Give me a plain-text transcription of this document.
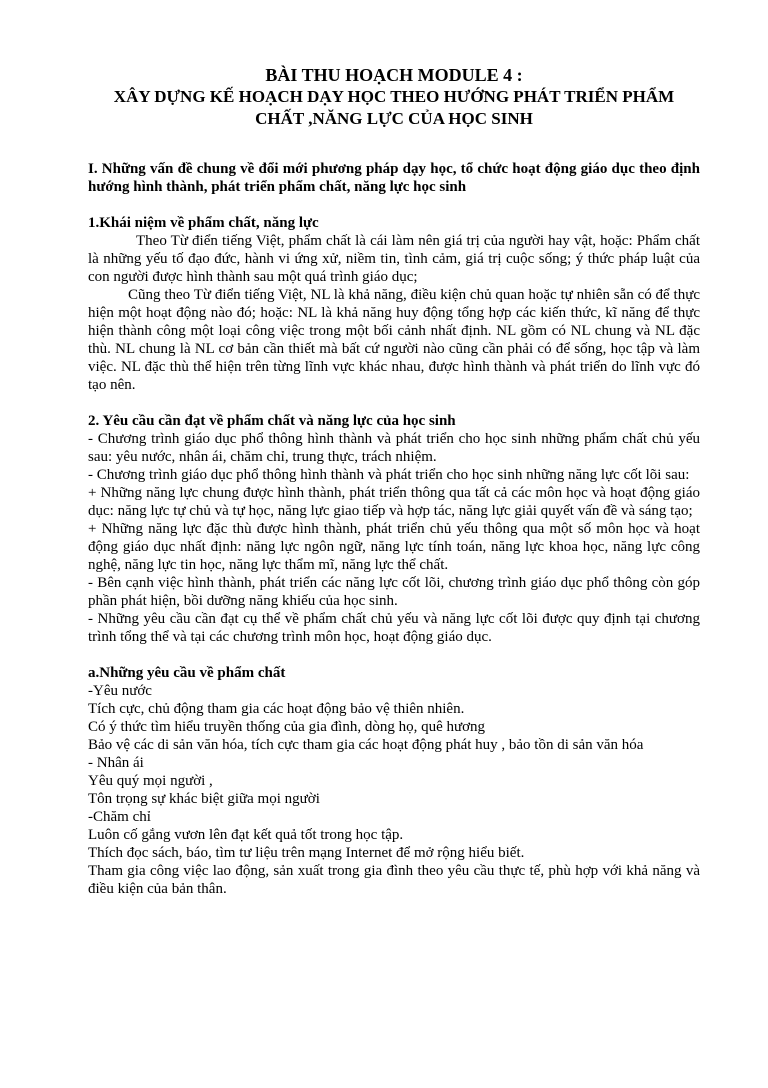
BÀI THU HOẠCH MODULE 4 :
XÂY DỰNG KẾ HOẠCH DẠY HỌC THEO HƯỚNG PHÁT TRIỂN PHẨM
CHẤT ,NĂNG LỰC CỦA HỌC SINH

I. Những vấn đề chung về đổi mới phương pháp dạy học, tổ chức hoạt động giáo dục theo định hướng hình thành, phát triển phẩm chất, năng lực học sinh

1.Khái niệm về phẩm chất, năng lực

Theo Từ điển tiếng Việt, phẩm chất là cái làm nên giá trị của người hay vật, hoặc: Phẩm chất là những yếu tố đạo đức, hành vi ứng xử, niềm tin, tình cảm, giá trị cuộc sống; ý thức pháp luật của con người được hình thành sau một quá trình giáo dục;

Cũng theo Từ điển tiếng Việt, NL là khả năng, điều kiện chủ quan hoặc tự nhiên sẵn có để thực hiện một hoạt động nào đó; hoặc: NL là khả năng huy động tổng hợp các kiến thức, kĩ năng để thực hiện thành công một loại công việc trong một bối cảnh nhất định. NL gồm có NL chung và NL đặc thù. NL chung là NL cơ bản cần thiết mà bất cứ người nào cũng cần phải có để sống, học tập và làm việc. NL đặc thù thể hiện trên từng lĩnh vực khác nhau, được hình thành và phát triển do lĩnh vực đó tạo nên.

2. Yêu cầu cần đạt về phẩm chất và năng lực của học sinh

- Chương trình giáo dục phổ thông hình thành và phát triển cho học sinh những phẩm chất chủ yếu sau: yêu nước, nhân ái, chăm chỉ, trung thực, trách nhiệm.

- Chương trình giáo dục phổ thông hình thành và phát triển cho học sinh những năng lực cốt lõi sau:

+ Những năng lực chung được hình thành, phát triển thông qua tất cả các môn học và hoạt động giáo dục: năng lực tự chủ và tự học, năng lực giao tiếp và hợp tác, năng lực giải quyết vấn đề và sáng tạo;

+ Những năng lực đặc thù được hình thành, phát triển chủ yếu thông qua một số môn học và hoạt động giáo dục nhất định: năng lực ngôn ngữ, năng lực tính toán, năng lực khoa học, năng lực công nghệ, năng lực tin học, năng lực thẩm mĩ, năng lực thể chất.

- Bên cạnh việc hình thành, phát triển các năng lực cốt lõi, chương trình giáo dục phổ thông còn góp phần phát hiện, bồi dưỡng năng khiếu của học sinh.

- Những yêu cầu cần đạt cụ thể về phẩm chất chủ yếu và năng lực cốt lõi được quy định tại chương trình tổng thể và tại các chương trình môn học, hoạt động giáo dục.

a.Những yêu cầu về phẩm chất

-Yêu nước

Tích cực, chủ động tham gia các hoạt động bảo vệ thiên nhiên.

Có ý thức tìm hiểu truyền thống của gia đình, dòng họ, quê hương

Bảo vệ các di sản văn hóa, tích cực tham gia các hoạt động phát huy , bảo tồn di sản văn hóa

- Nhân ái

Yêu quý mọi người ,

Tôn trọng sự khác biệt giữa mọi người

-Chăm chỉ

Luôn cố gắng vươn lên đạt kết quả tốt trong học tập.

Thích đọc sách, báo, tìm tư liệu trên mạng Internet để mở rộng hiểu biết.

Tham gia công việc lao động, sản xuất trong gia đình theo yêu cầu thực tế, phù hợp với khả năng và điều kiện của bản thân.
